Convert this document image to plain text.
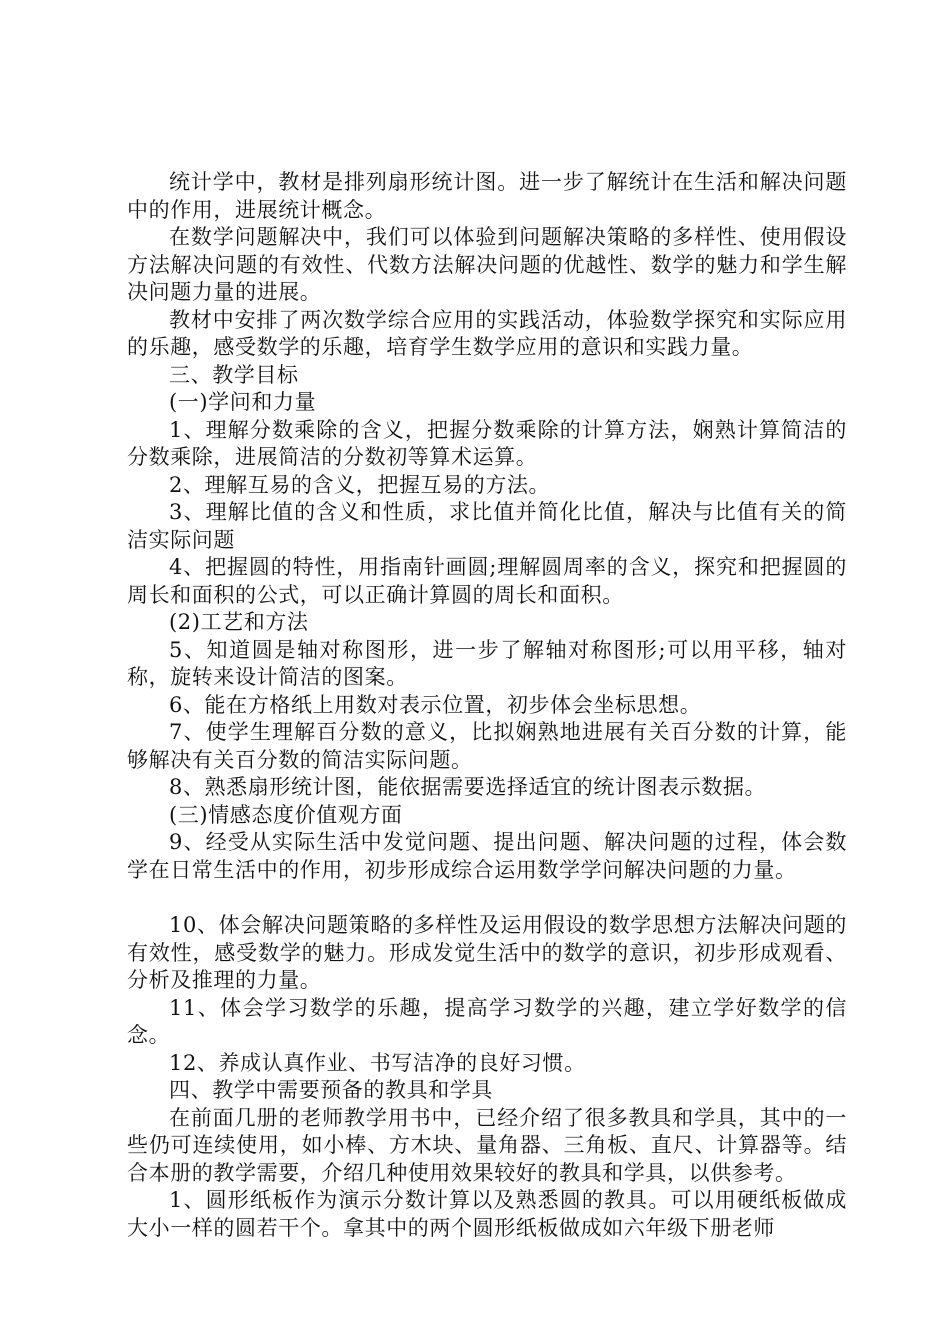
统计学中，教材是排列扇形统计图。进一步了解统计在生活和解决问题中的作用，进展统计概念。

在数学问题解决中，我们可以体验到问题解决策略的多样性、使用假设方法解决问题的有效性、代数方法解决问题的优越性、数学的魅力和学生解决问题力量的进展。

教材中安排了两次数学综合应用的实践活动，体验数学探究和实际应用的乐趣，感受数学的乐趣，培育学生数学应用的意识和实践力量。

三、教学目标

(一)学问和力量

1、理解分数乘除的含义，把握分数乘除的计算方法，娴熟计算简洁的分数乘除，进展简洁的分数初等算术运算。

2、理解互易的含义，把握互易的方法。

3、理解比值的含义和性质，求比值并简化比值，解决与比值有关的简洁实际问题

4、把握圆的特性，用指南针画圆;理解圆周率的含义，探究和把握圆的周长和面积的公式，可以正确计算圆的周长和面积。

(2)工艺和方法

5、知道圆是轴对称图形，进一步了解轴对称图形;可以用平移，轴对称，旋转来设计简洁的图案。

6、能在方格纸上用数对表示位置，初步体会坐标思想。

7、使学生理解百分数的意义，比拟娴熟地进展有关百分数的计算，能够解决有关百分数的简洁实际问题。

8、熟悉扇形统计图，能依据需要选择适宜的统计图表示数据。

(三)情感态度价值观方面

9、经受从实际生活中发觉问题、提出问题、解决问题的过程，体会数学在日常生活中的作用，初步形成综合运用数学学问解决问题的力量。

10、体会解决问题策略的多样性及运用假设的数学思想方法解决问题的有效性，感受数学的魅力。形成发觉生活中的数学的意识，初步形成观看、分析及推理的力量。

11、体会学习数学的乐趣，提高学习数学的兴趣，建立学好数学的信念。

12、养成认真作业、书写洁净的良好习惯。

四、教学中需要预备的教具和学具

在前面几册的老师教学用书中，已经介绍了很多教具和学具，其中的一些仍可连续使用，如小棒、方木块、量角器、三角板、直尺、计算器等。结合本册的教学需要，介绍几种使用效果较好的教具和学具，以供参考。

1、圆形纸板作为演示分数计算以及熟悉圆的教具。可以用硬纸板做成大小一样的圆若干个。拿其中的两个圆形纸板做成如六年级下册老师
